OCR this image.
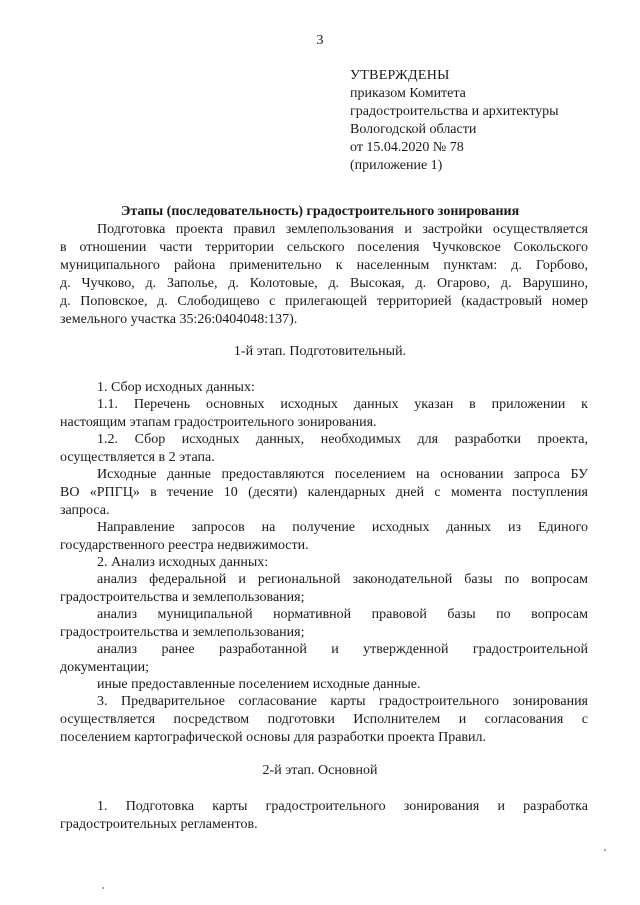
3
УТВЕРЖДЕНЫ
приказом Комитета
градостроительства и архитектуры
Вологодской области
от 15.04.2020 № 78
(приложение 1)
Этапы (последовательность) градостроительного зонирования
Подготовка проекта правил землепользования и застройки осуществляется
в отношении части территории сельского поселения Чучковское Сокольского
муниципального района применительно к населенным пунктам: д. Горбово,
д. Чучково, д. Заполье, д. Колотовые, д. Высокая, д. Огарово, д. Варушино,
д. Поповское, д. Слободищево с прилегающей территорией (кадастровый номер
земельного участка 35:26:0404048:137).
1-й этап. Подготовительный.
1. Сбор исходных данных:
1.1. Перечень основных исходных данных указан в приложении к
настоящим этапам градостроительного зонирования.
1.2. Сбор исходных данных, необходимых для разработки проекта,
осуществляется в 2 этапа.
Исходные данные предоставляются поселением на основании запроса БУ
ВО «РПГЦ» в течение 10 (десяти) календарных дней с момента поступления
запроса.
Направление запросов на получение исходных данных из Единого
государственного реестра недвижимости.
2. Анализ исходных данных:
анализ федеральной и региональной законодательной базы по вопросам
градостроительства и землепользования;
анализ муниципальной нормативной правовой базы по вопросам
градостроительства и землепользования;
анализ ранее разработанной и утвержденной градостроительной
документации;
иные предоставленные поселением исходные данные.
3. Предварительное согласование карты градостроительного зонирования
осуществляется посредством подготовки Исполнителем и согласования с
поселением картографической основы для разработки проекта Правил.
2-й этап. Основной
1. Подготовка карты градостроительного зонирования и разработка
градостроительных регламентов.
